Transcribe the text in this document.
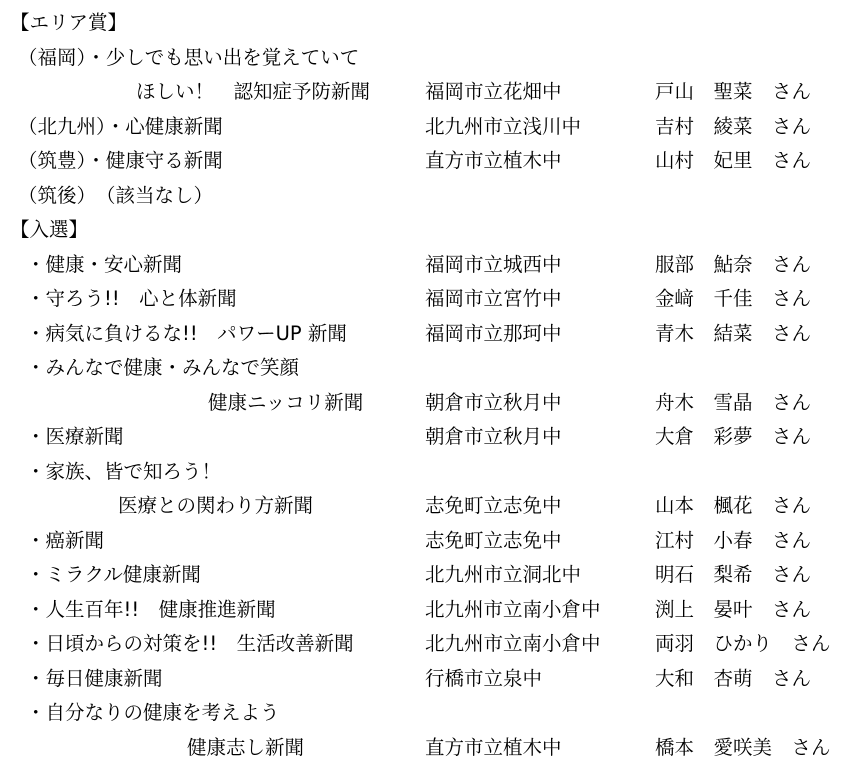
【エリア賞】
（福岡）・少しでも思い出を覚えていて
ほしい！　認知症予防新聞	福岡市立花畑中	戸山　聖菜　さん
（北九州）・心健康新聞	北九州市立浅川中	吉村　綾菜　さん
（筑豊）・健康守る新聞	直方市立植木中	山村　妃里　さん
（筑後）　（該当なし）
【入選】
・健康・安心新聞	福岡市立城西中	服部　鮎奈　さん
・守ろう!!　心と体新聞	福岡市立宮竹中	金﨑　千佳　さん
・病気に負けるな!!　パワーUP 新聞	福岡市立那珂中	青木　結菜　さん
・みんなで健康・みんなで笑顔
健康ニッコリ新聞	朝倉市立秋月中	舟木　雪晶　さん
・医療新聞	朝倉市立秋月中	大倉　彩夢　さん
・家族、皆で知ろう！
医療との関わり方新聞	志免町立志免中	山本　楓花　さん
・癌新聞	志免町立志免中	江村　小春　さん
・ミラクル健康新聞	北九州市立洞北中	明石　梨希　さん
・人生百年!!　健康推進新聞	北九州市立南小倉中	渕上　晏叶　さん
・日頃からの対策を!!　生活改善新聞	北九州市立南小倉中	両羽　ひかり　さん
・毎日健康新聞	行橋市立泉中	大和　杏萌　さん
・自分なりの健康を考えよう
健康志し新聞	直方市立植木中	橋本　愛咲美　さん
